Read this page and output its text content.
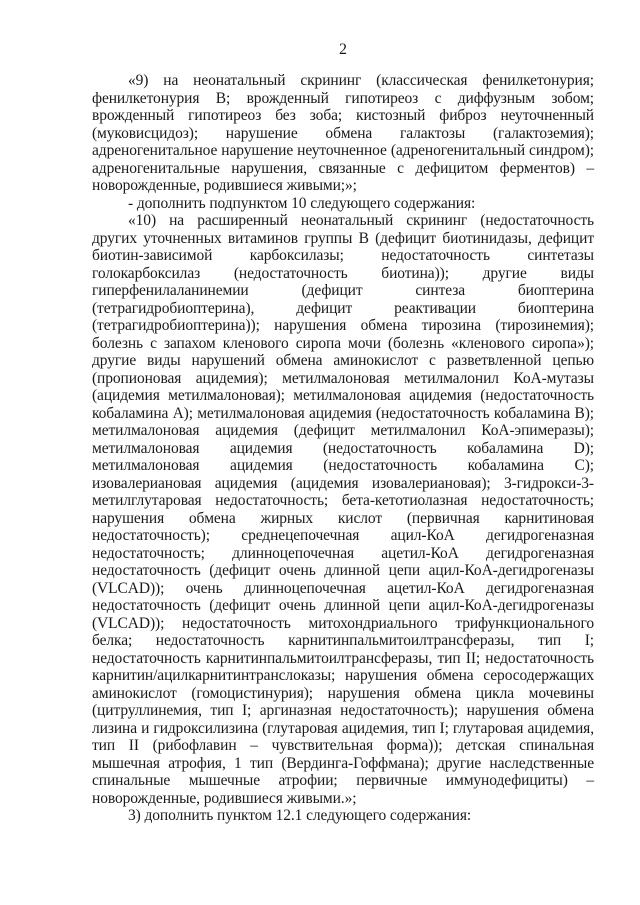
2

«9) на неонатальный скрининг (классическая фенилкетонурия; фенилкетонурия B; врожденный гипотиреоз с диффузным зобом; врожденный гипотиреоз без зоба; кистозный фиброз неуточненный (муковисцидоз); нарушение обмена галактозы (галактоземия); адреногенитальное нарушение неуточненное (адреногенитальный синдром); адреногенитальные нарушения, связанные с дефицитом ферментов) – новорожденные, родившиеся живыми;»;

- дополнить подпунктом 10 следующего содержания:

«10) на расширенный неонатальный скрининг (недостаточность других уточненных витаминов группы B (дефицит биотинидазы, дефицит биотин-зависимой карбоксилазы; недостаточность синтетазы голокарбоксилаз (недостаточность биотина)); другие виды гиперфенилаланинемии (дефицит синтеза биоптерина (тетрагидробиоптерина), дефицит реактивации биоптерина (тетрагидробиоптерина)); нарушения обмена тирозина (тирозинемия); болезнь с запахом кленового сиропа мочи (болезнь «кленового сиропа»); другие виды нарушений обмена аминокислот с разветвленной цепью (пропионовая ацидемия); метилмалоновая метилмалонил КоА-мутазы (ацидемия метилмалоновая); метилмалоновая ацидемия (недостаточность кобаламина А); метилмалоновая ацидемия (недостаточность кобаламина B); метилмалоновая ацидемия (дефицит метилмалонил КоА-эпимеразы); метилмалоновая ацидемия (недостаточность кобаламина D); метилмалоновая ацидемия (недостаточность кобаламина C); изовалериановая ацидемия (ацидемия изовалериановая); 3-гидрокси-3-метилглутаровая недостаточность; бета-кетотиолазная недостаточность; нарушения обмена жирных кислот (первичная карнитиновая недостаточность); среднецепочечная ацил-КоА дегидрогеназная недостаточность; длинноцепочечная ацетил-КоА дегидрогеназная недостаточность (дефицит очень длинной цепи ацил-КоА-дегидрогеназы (VLCAD)); очень длинноцепочечная ацетил-КоА дегидрогеназная недостаточность (дефицит очень длинной цепи ацил-КоА-дегидрогеназы (VLCAD)); недостаточность митохондриального трифункционального белка; недостаточность карнитинпальмитоилтрансферазы, тип I; недостаточность карнитинпальмитоилтрансферазы, тип II; недостаточность карнитин/ацилкарнитинтранслоказы; нарушения обмена серосодержащих аминокислот (гомоцистинурия); нарушения обмена цикла мочевины (цитруллинемия, тип I; аргиназная недостаточность); нарушения обмена лизина и гидроксилизина (глутаровая ацидемия, тип I; глутаровая ацидемия, тип II (рибофлавин – чувствительная форма)); детская спинальная мышечная атрофия, 1 тип (Вердинга-Гоффмана); другие наследственные спинальные мышечные атрофии; первичные иммунодефициты) – новорожденные, родившиеся живыми.»;

3) дополнить пунктом 12.1 следующего содержания:
